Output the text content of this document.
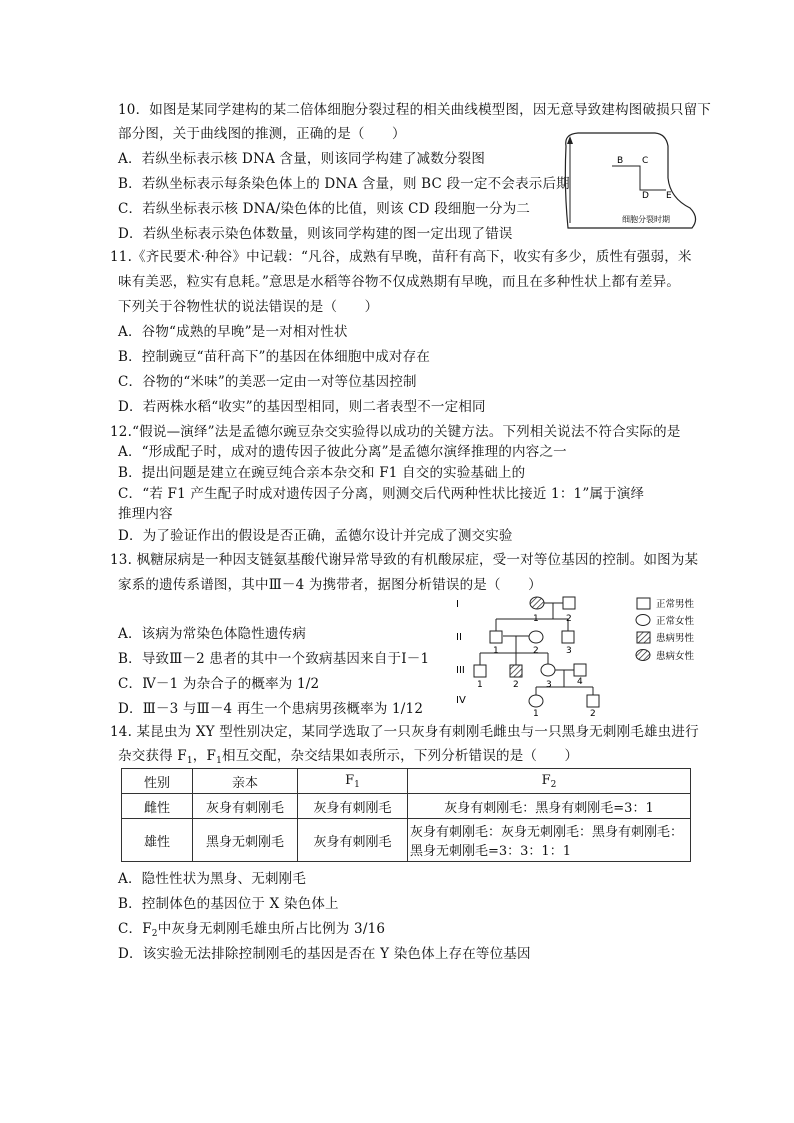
10．如图是某同学建构的某二倍体细胞分裂过程的相关曲线模型图，因无意导致建构图破损只留下
部分图，关于曲线图的推测，正确的是（　　）
A．若纵坐标表示核 DNA 含量，则该同学构建了减数分裂图
B．若纵坐标表示每条染色体上的 DNA 含量，则 BC 段一定不会表示后期
C．若纵坐标表示核 DNA/染色体的比值，则该 CD 段细胞一分为二
D．若纵坐标表示染色体数量，则该同学构建的图一定出现了错误
B C
D E
细胞分裂时期
11.《齐民要术·种谷》中记载：“凡谷，成熟有早晚，苗秆有高下，收实有多少，质性有强弱，米
味有美恶，粒实有息耗。”意思是水稻等谷物不仅成熟期有早晚，而且在多种性状上都有差异。
下列关于谷物性状的说法错误的是（　　）
A．谷物“成熟的早晚”是一对相对性状
B．控制豌豆“苗秆高下”的基因在体细胞中成对存在
C．谷物的“米味”的美恶一定由一对等位基因控制
D．若两株水稻“收实”的基因型相同，则二者表型不一定相同
12.“假说—演绎”法是孟德尔豌豆杂交实验得以成功的关键方法。下列相关说法不符合实际的是
A．“形成配子时，成对的遗传因子彼此分离”是孟德尔演绎推理的内容之一
B．提出问题是建立在豌豆纯合亲本杂交和 F1 自交的实验基础上的
C．“若 F1 产生配子时成对遗传因子分离，则测交后代两种性状比接近 1：1”属于演绎
推理内容
D．为了验证作出的假设是否正确，孟德尔设计并完成了测交实验
13. 枫糖尿病是一种因支链氨基酸代谢异常导致的有机酸尿症，受一对等位基因的控制。如图为某
家系的遗传系谱图，其中Ⅲ－4 为携带者，据图分析错误的是（　　）
A．该病为常染色体隐性遗传病
B．导致Ⅲ－2 患者的其中一个致病基因来自于Ⅰ－1
C．Ⅳ－1 为杂合子的概率为 1/2
D．Ⅲ－3 与Ⅲ－4 再生一个患病男孩概率为 1/12
I
II
III
IV
1	2
1	2	3
1	2	3	4
1	2
正常男性
正常女性
患病男性
患病女性
14. 某昆虫为 XY 型性别决定，某同学选取了一只灰身有刺刚毛雌虫与一只黑身无刺刚毛雄虫进行
杂交获得 $F_1$，$F_1$相互交配，杂交结果如表所示，下列分析错误的是（　　）
性别	亲本	$F_1$	$F_2$
雌性	灰身有刺刚毛	灰身有刺刚毛	灰身有刺刚毛：黑身有刺刚毛=3：1
雄性	黑身无刺刚毛	灰身有刺刚毛	灰身有刺刚毛：灰身无刺刚毛：黑身有刺刚毛：
黑身无刺刚毛=3：3：1：1
A．隐性性状为黑身、无刺刚毛
B．控制体色的基因位于 X 染色体上
C．$F_2$中灰身无刺刚毛雄虫所占比例为 3/16
D．该实验无法排除控制刚毛的基因是否在 Y 染色体上存在等位基因
